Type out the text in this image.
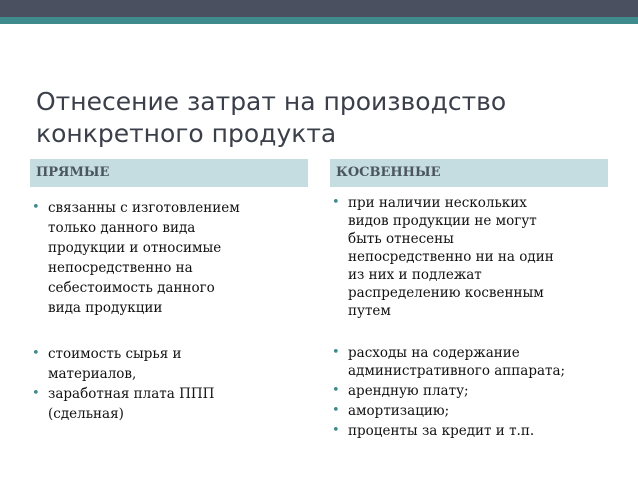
Отнесение затрат на производство
конкретного продукта
ПРЯМЫЕ	КОСВЕННЫЕ
• связанны с изготовлением
только данного вида
продукции и относимые
непосредственно на
себестоимость данного
вида продукции
• стоимость сырья и
материалов,
• заработная плата ППП
(сдельная)
• при наличии нескольких
видов продукции не могут
быть отнесены
непосредственно ни на один
из них и подлежат
распределению косвенным
путем
• расходы на содержание
административного аппарата;
• арендную плату;
• амортизацию;
• проценты за кредит и т.п.
